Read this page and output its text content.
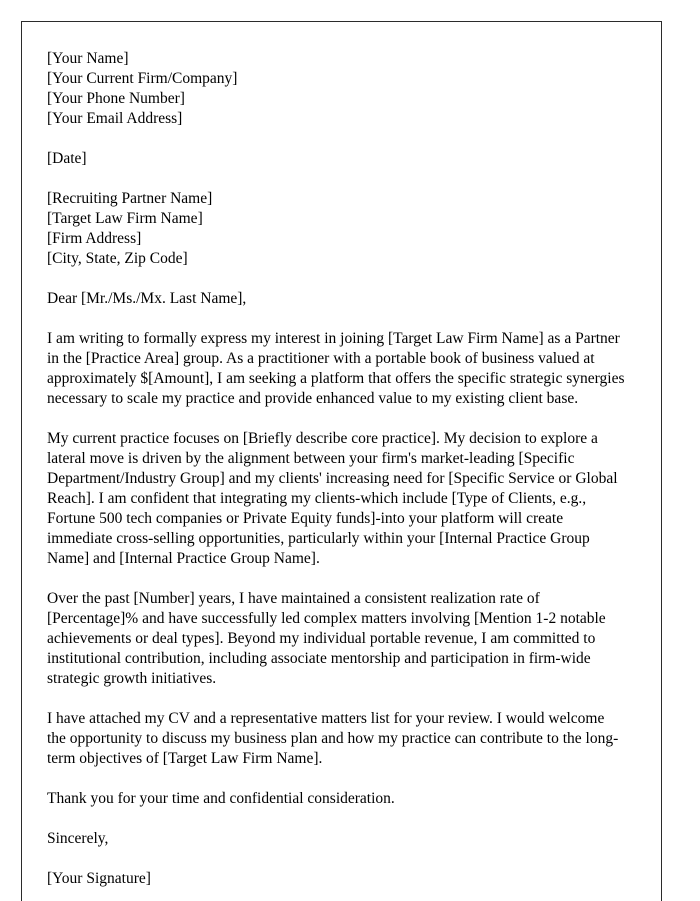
[Your Name]
[Your Current Firm/Company]
[Your Phone Number]
[Your Email Address]
[Date]
[Recruiting Partner Name]
[Target Law Firm Name]
[Firm Address]
[City, State, Zip Code]
Dear [Mr./Ms./Mx. Last Name],

I am writing to formally express my interest in joining [Target Law Firm Name] as a Partner in the [Practice Area] group. As a practitioner with a portable book of business valued at approximately $[Amount], I am seeking a platform that offers the specific strategic synergies necessary to scale my practice and provide enhanced value to my existing client base.

My current practice focuses on [Briefly describe core practice]. My decision to explore a lateral move is driven by the alignment between your firm's market-leading [Specific Department/Industry Group] and my clients' increasing need for [Specific Service or Global Reach]. I am confident that integrating my clients-which include [Type of Clients, e.g., Fortune 500 tech companies or Private Equity funds]-into your platform will create immediate cross-selling opportunities, particularly within your [Internal Practice Group Name] and [Internal Practice Group Name].

Over the past [Number] years, I have maintained a consistent realization rate of [Percentage]% and have successfully led complex matters involving [Mention 1-2 notable achievements or deal types]. Beyond my individual portable revenue, I am committed to institutional contribution, including associate mentorship and participation in firm-wide strategic growth initiatives.

I have attached my CV and a representative matters list for your review. I would welcome the opportunity to discuss my business plan and how my practice can contribute to the long-term objectives of [Target Law Firm Name].

Thank you for your time and confidential consideration.

Sincerely,
[Your Signature]
